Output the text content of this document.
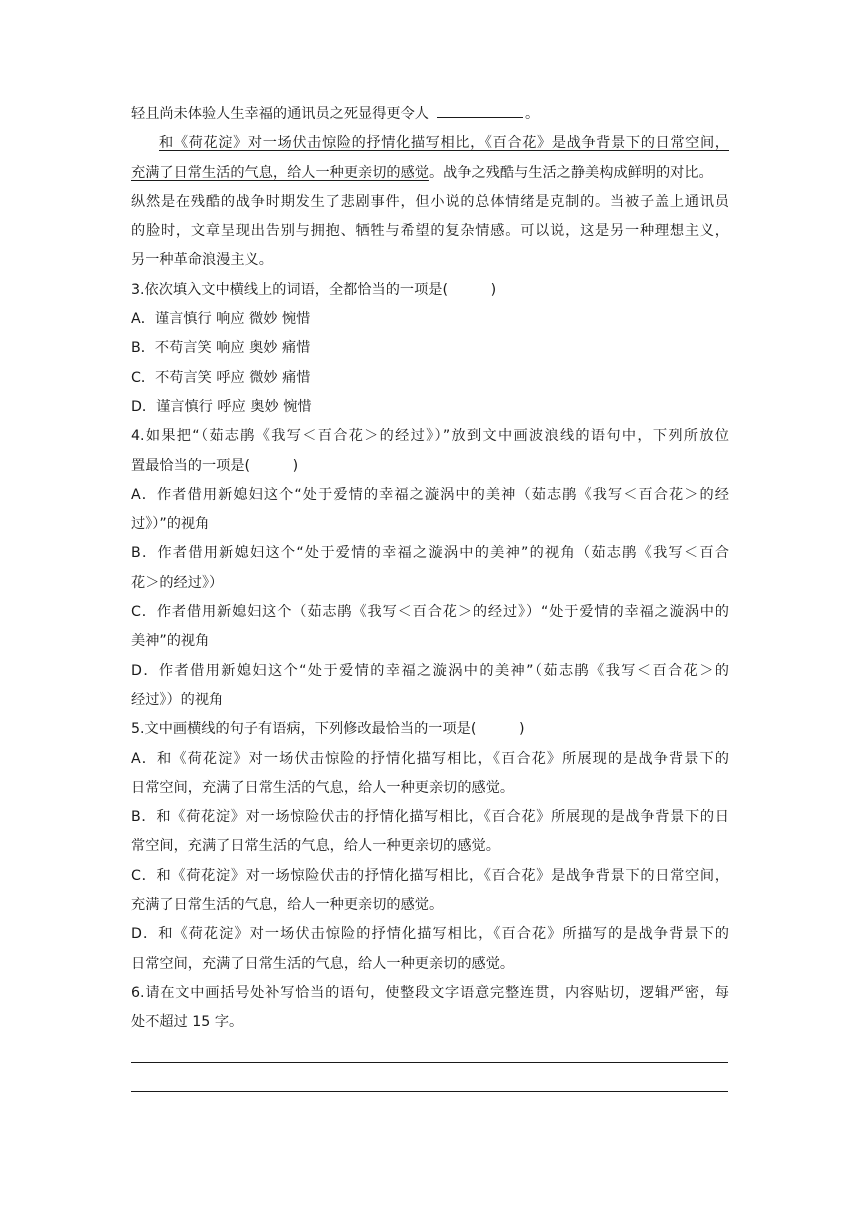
轻且尚未体验人生幸福的通讯员之死显得更令人	。
和《荷花淀》对一场伏击惊险的抒情化描写相比，《百合花》是战争背景下的日常空间，
充满了日常生活的气息，给人一种更亲切的感觉。战争之残酷与生活之静美构成鲜明的对比。
纵然是在残酷的战争时期发生了悲剧事件，但小说的总体情绪是克制的。当被子盖上通讯员
的脸时，文章呈现出告别与拥抱、牺牲与希望的复杂情感。可以说，这是另一种理想主义，
另一种革命浪漫主义。
3.依次填入文中横线上的词语，全都恰当的一项是(　　　)
A．谨言慎行 响应 微妙 惋惜
B．不苟言笑 响应 奥妙 痛惜
C．不苟言笑 呼应 微妙 痛惜
D．谨言慎行 呼应 奥妙 惋惜
4.如果把“（茹志鹃《我写＜百合花＞的经过》）”放到文中画波浪线的语句中，下列所放位
置最恰当的一项是(　　　)
A．作者借用新媳妇这个“处于爱情的幸福之漩涡中的美神（茹志鹃《我写＜百合花＞的经
过》）”的视角
B．作者借用新媳妇这个“处于爱情的幸福之漩涡中的美神”的视角（茹志鹃《我写＜百合
花＞的经过》）
C．作者借用新媳妇这个（茹志鹃《我写＜百合花＞的经过》）“处于爱情的幸福之漩涡中的
美神”的视角
D．作者借用新媳妇这个“处于爱情的幸福之漩涡中的美神”（茹志鹃《我写＜百合花＞的
经过》）的视角
5.文中画横线的句子有语病，下列修改最恰当的一项是(　　　)
A．和《荷花淀》对一场伏击惊险的抒情化描写相比，《百合花》所展现的是战争背景下的
日常空间，充满了日常生活的气息，给人一种更亲切的感觉。
B．和《荷花淀》对一场惊险伏击的抒情化描写相比，《百合花》所展现的是战争背景下的日
常空间，充满了日常生活的气息，给人一种更亲切的感觉。
C．和《荷花淀》对一场惊险伏击的抒情化描写相比，《百合花》是战争背景下的日常空间，
充满了日常生活的气息，给人一种更亲切的感觉。
D．和《荷花淀》对一场伏击惊险的抒情化描写相比，《百合花》所描写的是战争背景下的
日常空间，充满了日常生活的气息，给人一种更亲切的感觉。
6.请在文中画括号处补写恰当的语句，使整段文字语意完整连贯，内容贴切，逻辑严密，每
处不超过 15 字。
